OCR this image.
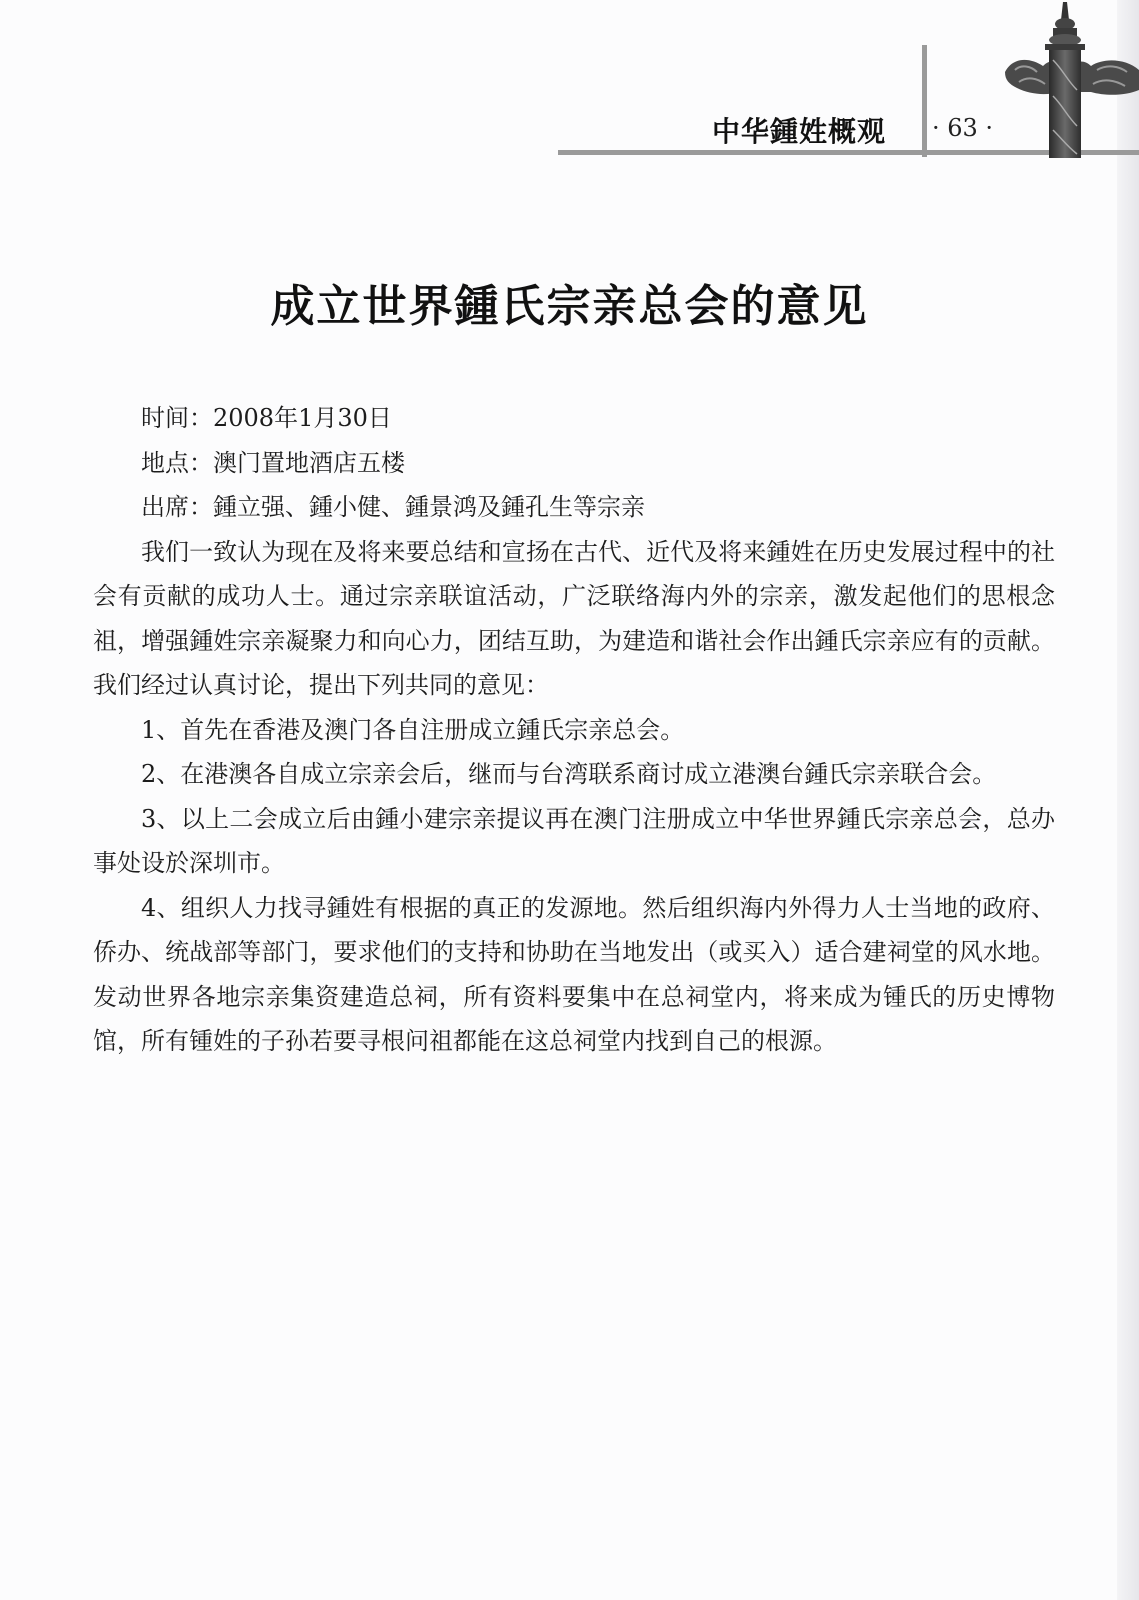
中华鍾姓概观 · 63 ·
成立世界鍾氏宗亲总会的意见

时间：2008年1月30日

地点：澳门置地酒店五楼

出席：鍾立强、鍾小健、鍾景鸿及鍾孔生等宗亲

我们一致认为现在及将来要总结和宣扬在古代、近代及将来鍾姓在历史发展过程中的社会有贡献的成功人士。通过宗亲联谊活动，广泛联络海内外的宗亲，激发起他们的思根念祖，增强鍾姓宗亲凝聚力和向心力，团结互助，为建造和谐社会作出鍾氏宗亲应有的贡献。我们经过认真讨论，提出下列共同的意见：

1、首先在香港及澳门各自注册成立鍾氏宗亲总会。

2、在港澳各自成立宗亲会后，继而与台湾联系商讨成立港澳台鍾氏宗亲联合会。

3、以上二会成立后由鍾小建宗亲提议再在澳门注册成立中华世界鍾氏宗亲总会，总办事处设於深圳市。

4、组织人力找寻鍾姓有根据的真正的发源地。然后组织海内外得力人士当地的政府、侨办、统战部等部门，要求他们的支持和协助在当地发出（或买入）适合建祠堂的风水地。发动世界各地宗亲集资建造总祠，所有资料要集中在总祠堂内，将来成为锺氏的历史博物馆，所有锺姓的子孙若要寻根问祖都能在这总祠堂内找到自己的根源。
